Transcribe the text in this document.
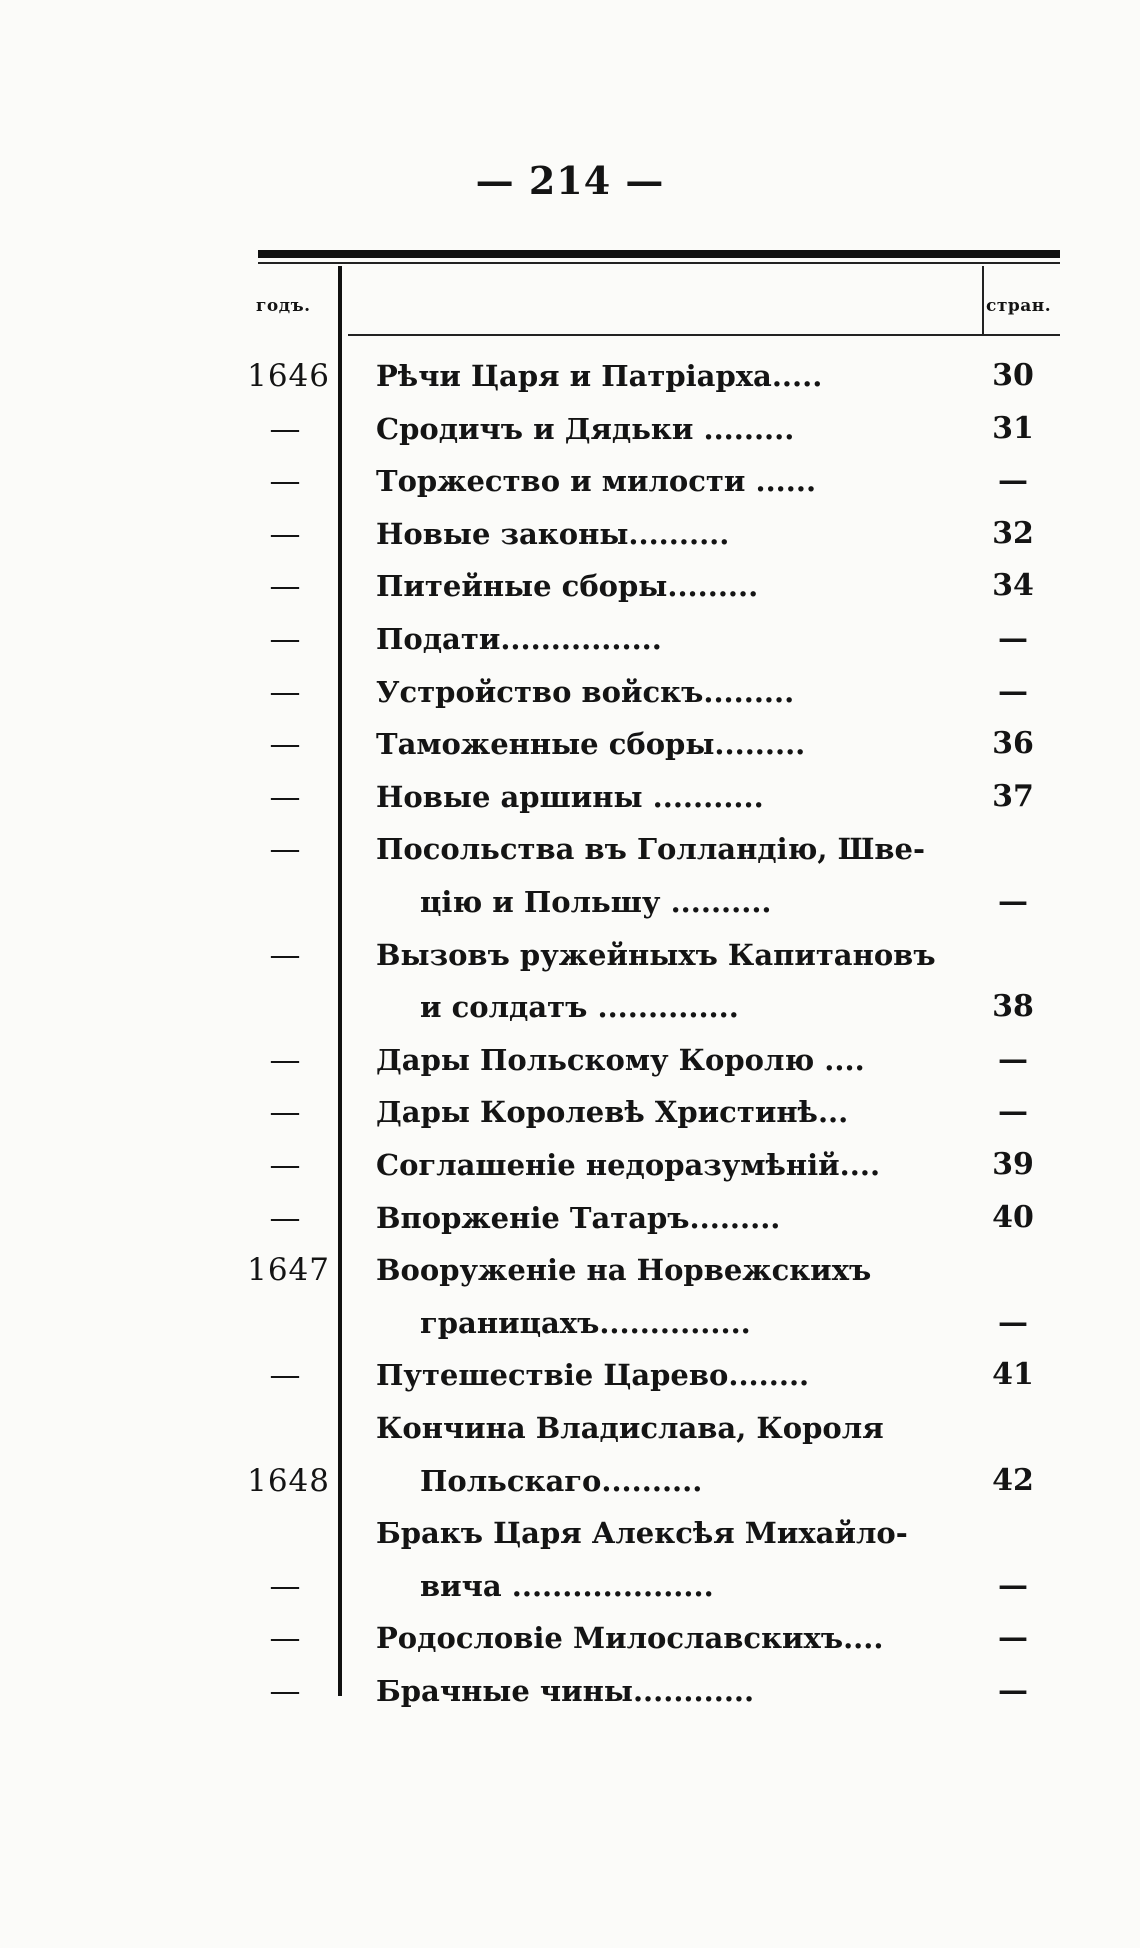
— 214 —
годъ.	стран.
1646 Рѣчи Царя и Патріарха.....	30
—	Сродичъ и Дядьки .........	31
—	Торжество и милости ......	—
—	Новые законы..........	32
—	Питейные сборы.........	34
—	Подати................	—
—	Устройство войскъ.........	—
—	Таможенные сборы.........	36
—	Новые аршины ...........	37
—	Посольства въ Голландію, Шве-
цію и Польшу ..........	—
—	Вызовъ ружейныхъ Капитановъ
и солдатъ ..............	38
—	Дары Польскому Королю ....	—
—	Дары Королевѣ Христинѣ...	—
—	Соглашеніе недоразумѣній....	39
—	Впорженіе Татаръ.........	40
1647 Вооруженіе на Норвежскихъ
границахъ...............	—
—	Путешествіе Царево........	41
Кончина Владислава, Короля
1648	Польскаго..........	42
Бракъ Царя Алексѣя Михайло-
—	вича ....................	—
—	Родословіе Милославскихъ....	—
—	Брачные чины............	—
